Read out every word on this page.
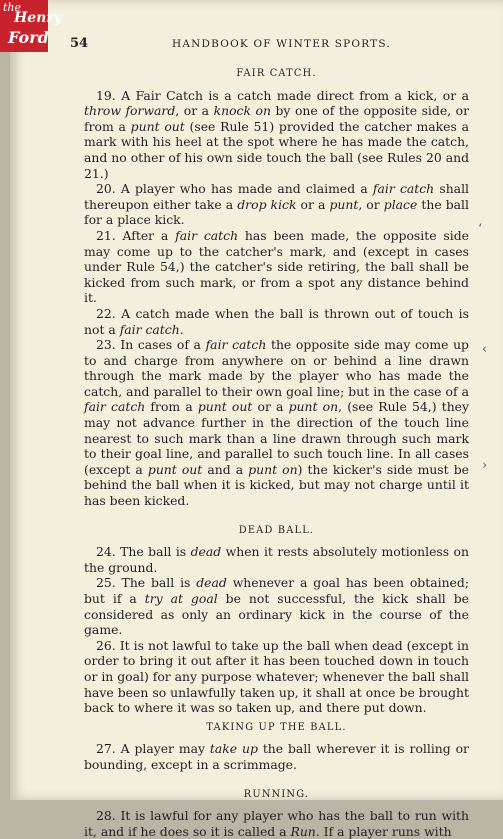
the
Henry
Ford 54	HANDBOOK OF WINTER SPORTS.
FAIR CATCH.

19. A Fair Catch is a catch made direct from a kick, or a throw forward, or a knock on by one of the opposite side, or from a punt out (see Rule 51) provided the catcher makes a mark with his heel at the spot where he has made the catch, and no other of his own side touch the ball (see Rules 20 and 21.)

20. A player who has made and claimed a fair catch shall thereupon either take a drop kick or a punt, or place the ball for a place kick.

21. After a fair catch has been made, the opposite side may come up to the catcher's mark, and (except in cases under Rule 54,) the catcher's side retiring, the ball shall be kicked from such mark, or from a spot any distance behind it.

22. A catch made when the ball is thrown out of touch is not a fair catch.

23. In cases of a fair catch the opposite side may come up to and charge from anywhere on or behind a line drawn through the mark made by the player who has made the catch, and parallel to their own goal line; but in the case of a fair catch from a punt out or a punt on, (see Rule 54,) they may not advance further in the direction of the touch line nearest to such mark than a line drawn through such mark to their goal line, and parallel to such touch line. In all cases (except a punt out and a punt on) the kicker's side must be behind the ball when it is kicked, but may not charge until it has been kicked.

DEAD BALL.

24. The ball is dead when it rests absolutely motionless on the ground.

25. The ball is dead whenever a goal has been obtained; but if a try at goal be not successful, the kick shall be considered as only an ordinary kick in the course of the game.

26. It is not lawful to take up the ball when dead (except in order to bring it out after it has been touched down in touch or in goal) for any purpose whatever; whenever the ball shall have been so unlawfully taken up, it shall at once be brought back to where it was so taken up, and there put down.

TAKING UP THE BALL.

27. A player may take up the ball wherever it is rolling or bounding, except in a scrimmage.

RUNNING.

28. It is lawful for any player who has the ball to run with it, and if he does so it is called a Run. If a player runs with

‘
‹
›
